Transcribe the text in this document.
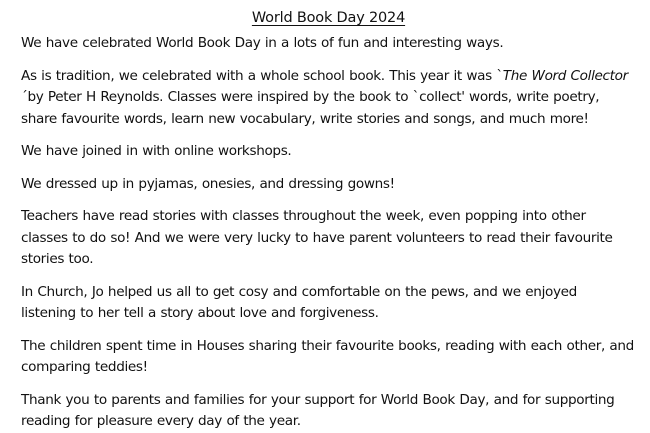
World Book Day 2024

We have celebrated World Book Day in a lots of fun and interesting ways.

As is tradition, we celebrated with a whole school book. This year it was `The Word Collector´by Peter H Reynolds. Classes were inspired by the book to `collect' words, write poetry, share favourite words, learn new vocabulary, write stories and songs, and much more!

We have joined in with online workshops.

We dressed up in pyjamas, onesies, and dressing gowns!

Teachers have read stories with classes throughout the week, even popping into other classes to do so! And we were very lucky to have parent volunteers to read their favourite stories too.

In Church, Jo helped us all to get cosy and comfortable on the pews, and we enjoyed listening to her tell a story about love and forgiveness.

The children spent time in Houses sharing their favourite books, reading with each other, and comparing teddies!

Thank you to parents and families for your support for World Book Day, and for supporting reading for pleasure every day of the year.
